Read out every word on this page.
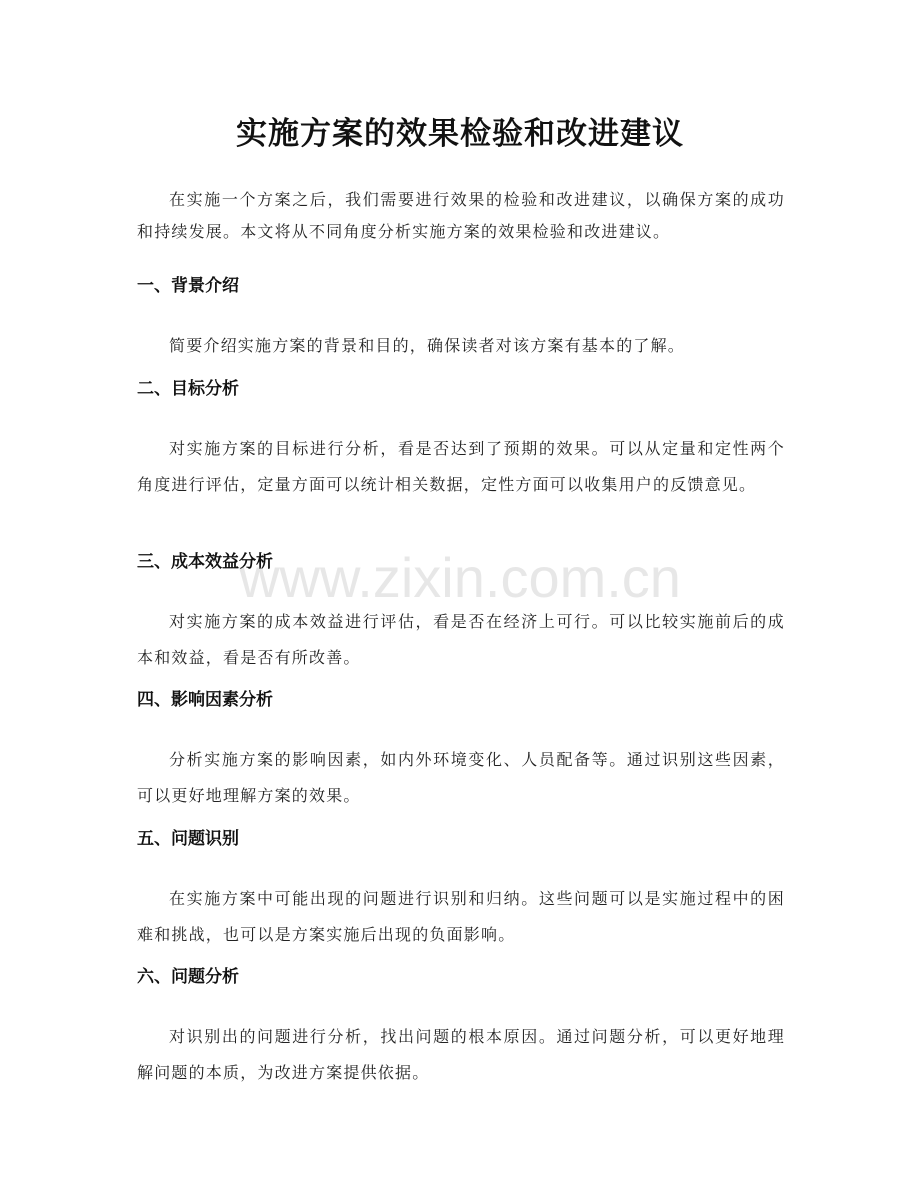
实施方案的效果检验和改进建议
在实施一个方案之后，我们需要进行效果的检验和改进建议，以确保方案的成功和持续发展。本文将从不同角度分析实施方案的效果检验和改进建议。
一、背景介绍
简要介绍实施方案的背景和目的，确保读者对该方案有基本的了解。
二、目标分析
对实施方案的目标进行分析，看是否达到了预期的效果。可以从定量和定性两个角度进行评估，定量方面可以统计相关数据，定性方面可以收集用户的反馈意见。
三、成本效益分析
对实施方案的成本效益进行评估，看是否在经济上可行。可以比较实施前后的成本和效益，看是否有所改善。
四、影响因素分析
分析实施方案的影响因素，如内外环境变化、人员配备等。通过识别这些因素，可以更好地理解方案的效果。
五、问题识别
在实施方案中可能出现的问题进行识别和归纳。这些问题可以是实施过程中的困难和挑战，也可以是方案实施后出现的负面影响。
六、问题分析
对识别出的问题进行分析，找出问题的根本原因。通过问题分析，可以更好地理解问题的本质，为改进方案提供依据。
www.zixin.com.cn
